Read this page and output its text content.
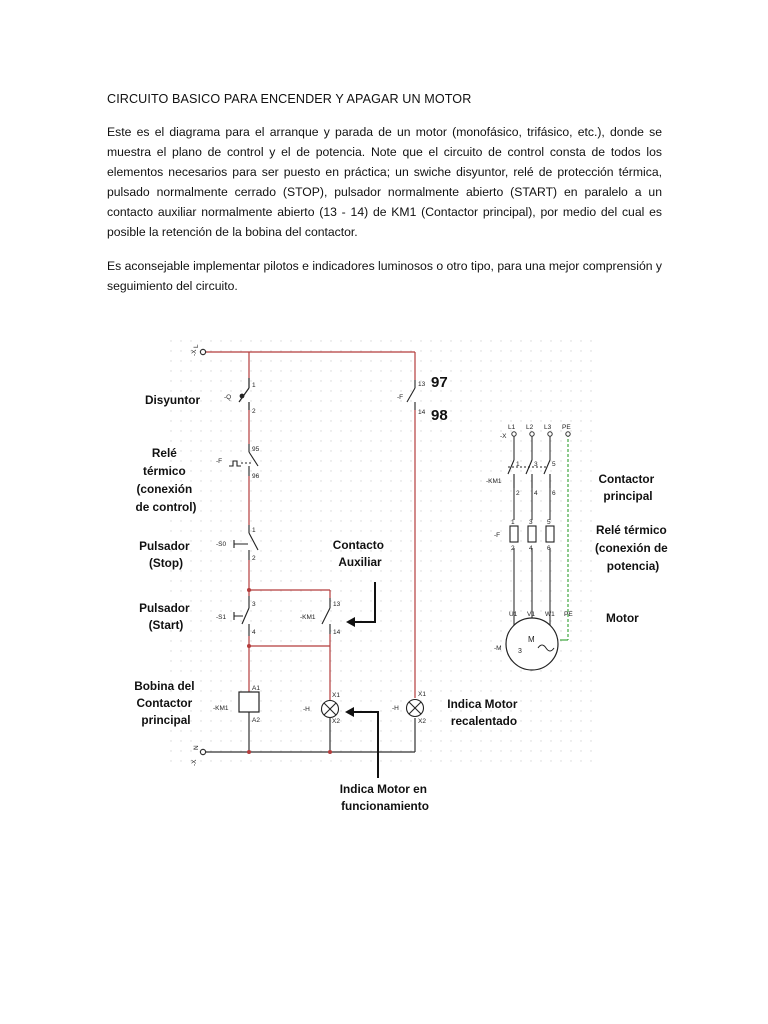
CIRCUITO BASICO PARA ENCENDER Y APAGAR UN MOTOR
Este es el diagrama para el arranque y parada de un motor (monofásico, trifásico, etc.), donde se muestra el plano de control y el de potencia. Note que el circuito de control consta de todos los elementos necesarios para ser puesto en práctica; un swiche disyuntor, relé de protección térmica, pulsado normalmente cerrado (STOP), pulsador normalmente abierto (START) en paralelo a un contacto auxiliar normalmente abierto (13 - 14) de KM1 (Contactor principal), por medio del cual es posible la retención de la bobina del contactor.
Es aconsejable implementar pilotos e indicadores luminosos o otro tipo, para una mejor comprensión y seguimiento del circuito.
-X
L
-X
N
-Q
1
2
-F
95
96
-S0
1
2
-S1
3
4
-KM1
13
14
-KM1
A1
A2
-H
X1
X2
-F
13
14
-H
X1
X2
97
98
-X
L1 L2 L3 PE
-KM1
1
2
3
4
5
6
-F
1
2
3
4
5
6
U1 V1 W1 PE
-M
M
3
Disyuntor
Relé térmico (conexión de control)
Pulsador (Stop)
Pulsador (Start)
Contacto Auxiliar
Bobina del Contactor principal
Indica Motor recalentado
Indica Motor en funcionamiento
Contactor principal
Relé térmico (conexión de potencia)
Motor
